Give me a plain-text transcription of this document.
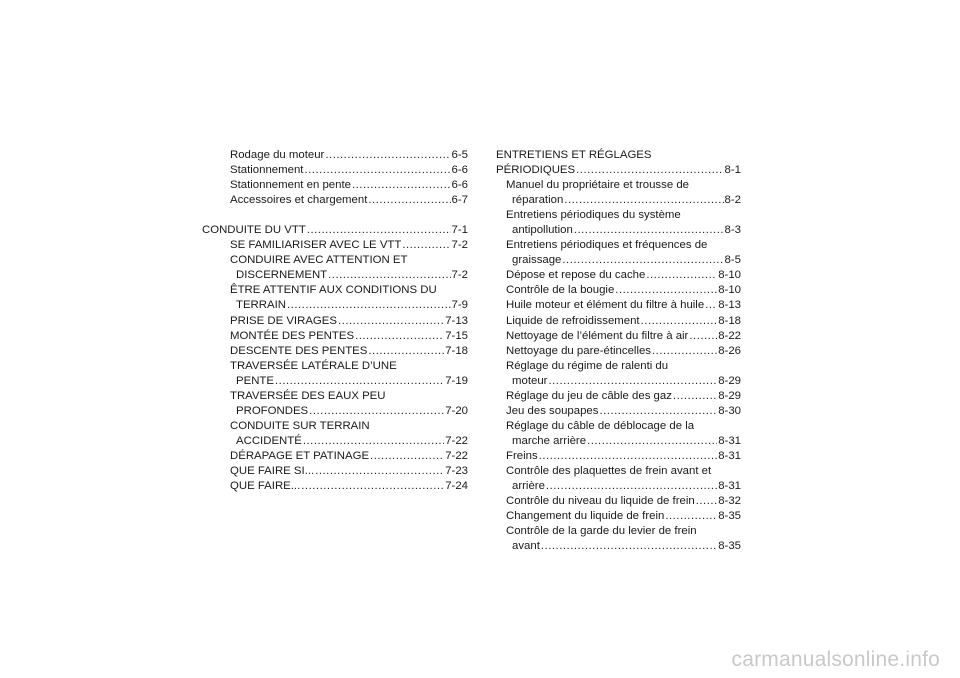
Rodage du moteur .....	6-5
Stationnement .....	6-6
Stationnement en pente .....	6-6
Accessoires et chargement .....	6-7
CONDUITE DU VTT .....	7-1
SE FAMILIARISER AVEC LE VTT .....	7-2
CONDUIRE AVEC ATTENTION ET
DISCERNEMENT .....	7-2
ÊTRE ATTENTIF AUX CONDITIONS DU
TERRAIN .....	7-9
PRISE DE VIRAGES .....	7-13
MONTÉE DES PENTES .....	7-15
DESCENTE DES PENTES .....	7-18
TRAVERSÉE LATÉRALE D’UNE
PENTE .....	7-19
TRAVERSÉE DES EAUX PEU
PROFONDES .....	7-20
CONDUITE SUR TERRAIN
ACCIDENTÉ .....	7-22
DÉRAPAGE ET PATINAGE .....	7-22
QUE FAIRE SI... .....	7-23
QUE FAIRE... .....	7-24
ENTRETIENS ET RÉGLAGES
PÉRIODIQUES .....	8-1
Manuel du propriétaire et trousse de
réparation .....	8-2
Entretiens périodiques du système
antipollution .....	8-3
Entretiens périodiques et fréquences de
graissage .....	8-5
Dépose et repose du cache .....	8-10
Contrôle de la bougie .....	8-10
Huile moteur et élément du filtre à huile ..... 8-13
Liquide de refroidissement .....	8-18
Nettoyage de l’élément du filtre à air .....	8-22
Nettoyage du pare-étincelles .....	8-26
Réglage du régime de ralenti du
moteur .....	8-29
Réglage du jeu de câble des gaz .....	8-29
Jeu des soupapes .....	8-30
Réglage du câble de déblocage de la
marche arrière .....	8-31
Freins .....	8-31
Contrôle des plaquettes de frein avant et
arrière .....	8-31
Contrôle du niveau du liquide de frein ..... 8-32
Changement du liquide de frein .....	8-35
Contrôle de la garde du levier de frein
avant .....	8-35
carmanualsonline.info
